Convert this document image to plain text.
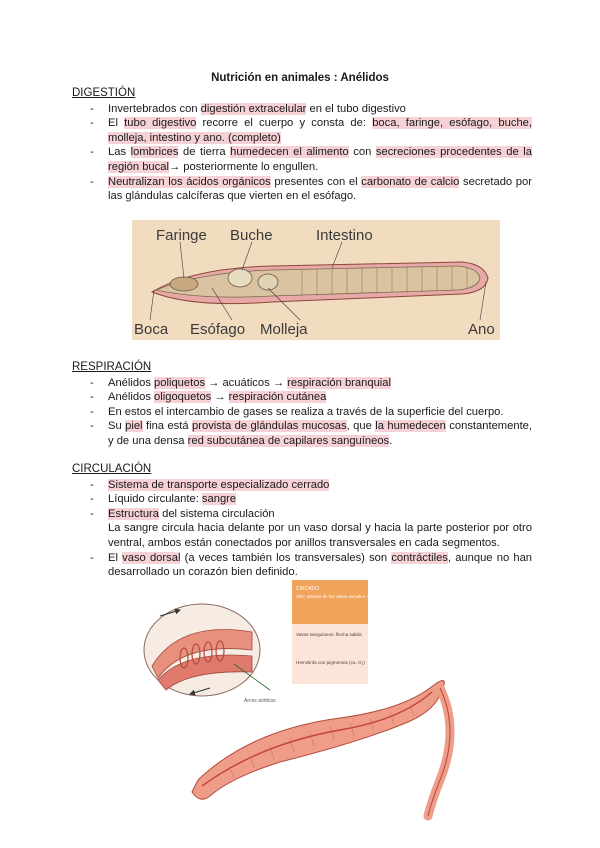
Nutrición en animales : Anélidos
DIGESTIÓN
- Invertebrados con digestión extracelular en el tubo digestivo
- El tubo digestivo recorre el cuerpo y consta de: boca, faringe, esófago, buche, molleja, intestino y ano. (completo)
- Las lombrices de tierra humedecen el alimento con secreciones procedentes de la región bucal→ posteriormente lo engullen.
- Neutralizan los ácidos orgánicos presentes con el carbonato de calcio secretado por las glándulas calcíferas que vierten en el esófago.
Faringe Buche	Intestino
Boca Esófago Molleja	Ano
RESPIRACIÓN
- Anélidos poliquetos → acuáticos → respiración branquial
- Anélidos oligoquetos → respiración cutánea
- En estos el intercambio de gases se realiza a través de la superficie del cuerpo.
- Su piel fina está provista de glándulas mucosas, que la humedecen constantemente, y de una densa red subcutánea de capilares sanguíneos.
CIRCULACIÓN
- Sistema de transporte especializado cerrado
- Líquido circulante: sangre
- Estructura del sistema circulación
La sangre circula hacia delante por un vaso dorsal y hacia la parte posterior por otro ventral, ambos están conectados por anillos transversales en cada segmentos.
- El vaso dorsal (a veces también los transversales) son contráctiles, aunque no han desarrollado un corazón bien definido.
CIRCADO
ARC anterior de los vasos dorsales, ventral y capilares
Vasos sanguíneos: flecha salida
Hemolinfa con pigmentos (ca, O₂)
Arcos aórticos
